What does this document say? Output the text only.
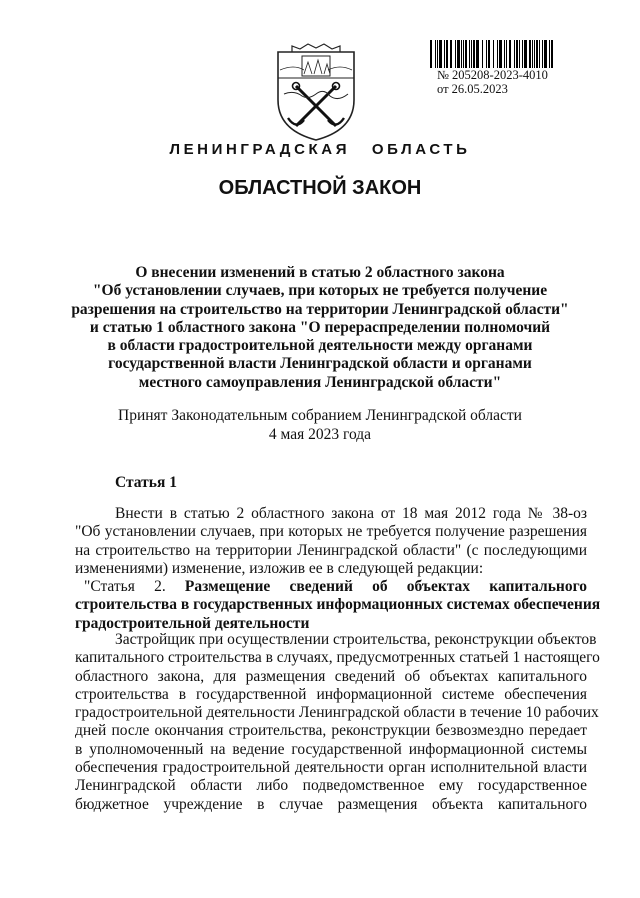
№ 205208-2023-4010
от 26.05.2023
ЛЕНИНГРАДСКАЯ ОБЛАСТЬ
ОБЛАСТНОЙ ЗАКОН
О внесении изменений в статью 2 областного закона
"Об установлении случаев, при которых не требуется получение
разрешения на строительство на территории Ленинградской области"
и статью 1 областного закона "О перераспределении полномочий
в области градостроительной деятельности между органами
государственной власти Ленинградской области и органами
местного самоуправления Ленинградской области"
Принят Законодательным собранием Ленинградской области
4 мая 2023 года
Статья 1
Внести в статью 2 областного закона от 18 мая 2012 года № 38-оз
"Об установлении случаев, при которых не требуется получение разрешения
на строительство на территории Ленинградской области" (с последующими
изменениями) изменение, изложив ее в следующей редакции:
"Статья 2. Размещение сведений об объектах капитального
строительства в государственных информационных системах обеспечения
градостроительной деятельности
Застройщик при осуществлении строительства, реконструкции объектов
капитального строительства в случаях, предусмотренных статьей 1 настоящего
областного закона, для размещения сведений об объектах капитального
строительства в государственной информационной системе обеспечения
градостроительной деятельности Ленинградской области в течение 10 рабочих
дней после окончания строительства, реконструкции безвозмездно передает
в уполномоченный на ведение государственной информационной системы
обеспечения градостроительной деятельности орган исполнительной власти
Ленинградской области либо подведомственное ему государственное
бюджетное учреждение в случае размещения объекта капитального
